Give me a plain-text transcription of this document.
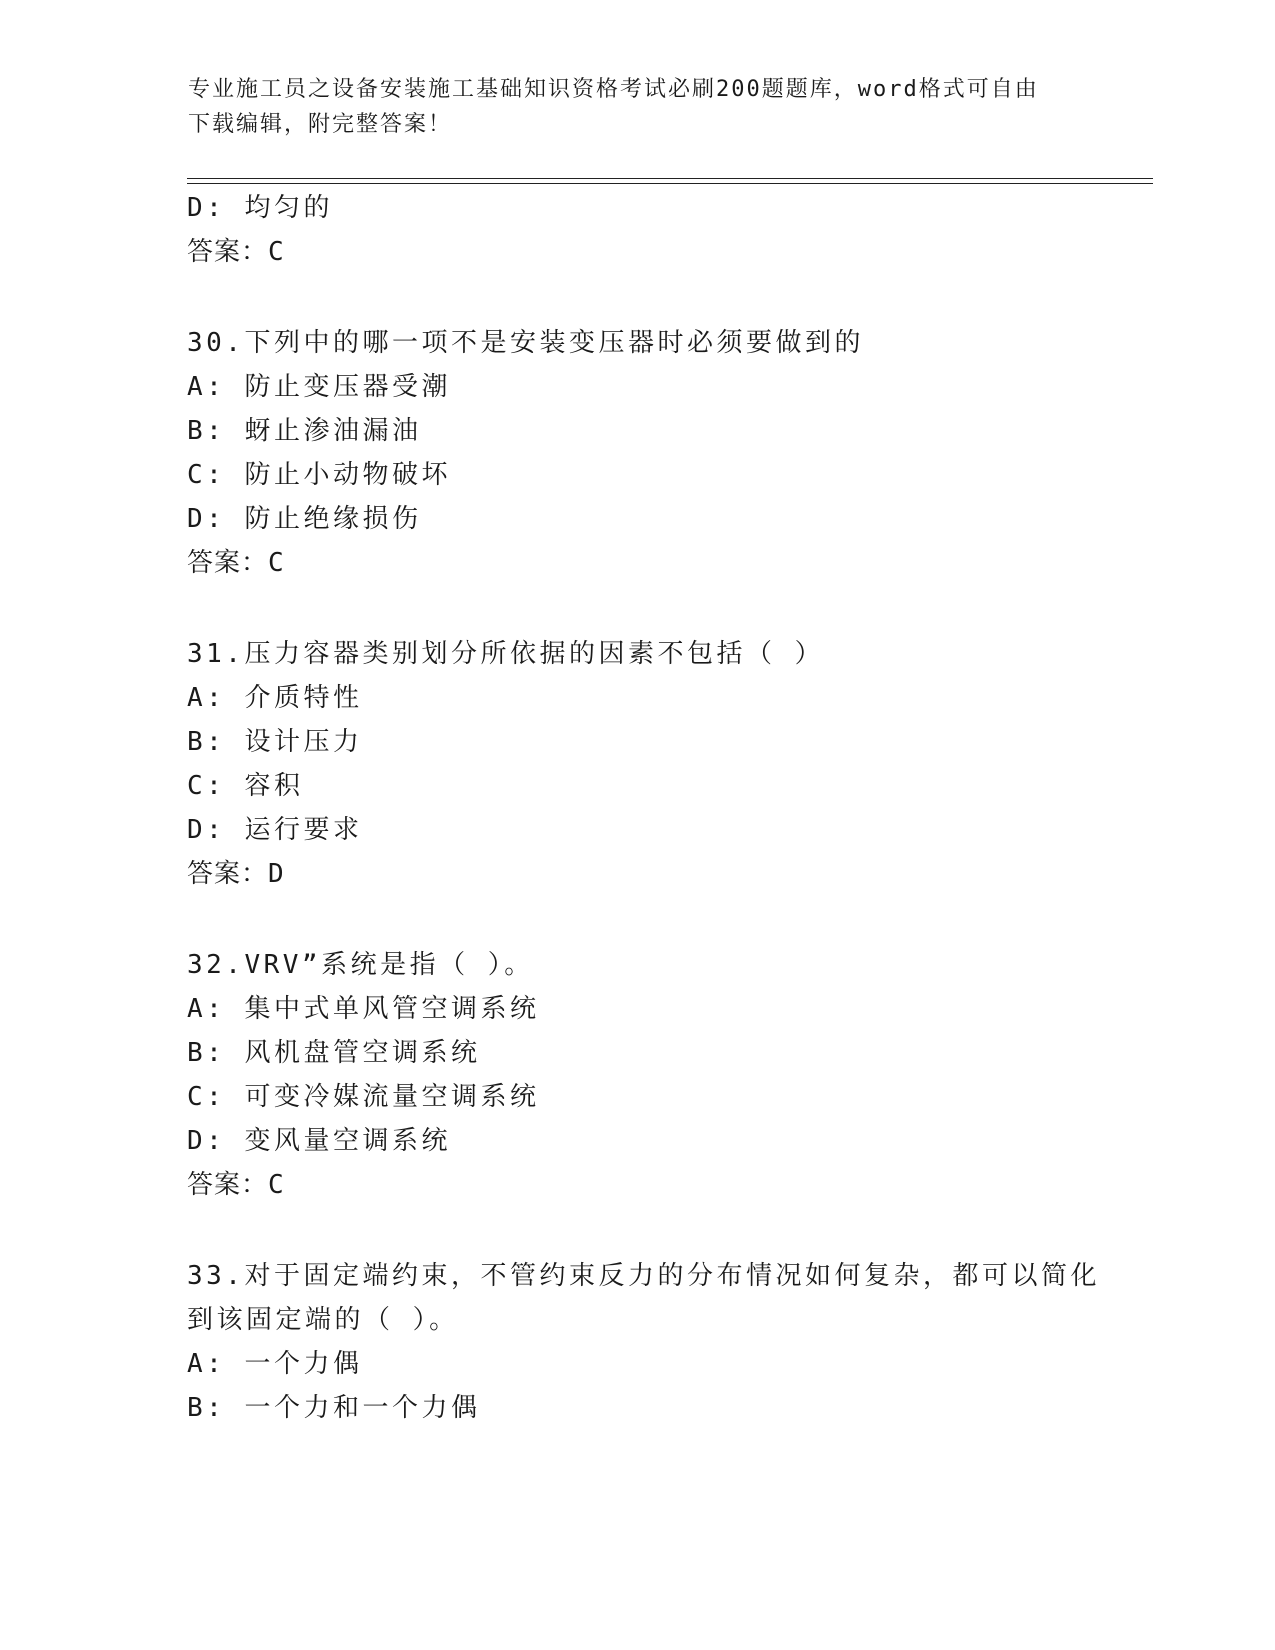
专业施工员之设备安装施工基础知识资格考试必刷200题题库，word格式可自由
下载编辑，附完整答案！
D: 均匀的
答案：C
30.下列中的哪一项不是安装变压器时必须要做到的
A: 防止变压器受潮
B: 蚜止渗油漏油
C: 防止小动物破坏
D: 防止绝缘损伤
答案：C
31.压力容器类别划分所依据的因素不包括（ ）
A: 介质特性
B: 设计压力
C: 容积
D: 运行要求
答案：D
32.VRV”系统是指（ ）。
A: 集中式单风管空调系统
B: 风机盘管空调系统
C: 可变冷媒流量空调系统
D: 变风量空调系统
答案：C
33.对于固定端约束，不管约束反力的分布情况如何复杂，都可以简化
到该固定端的（ ）。
A: 一个力偶
B: 一个力和一个力偶
